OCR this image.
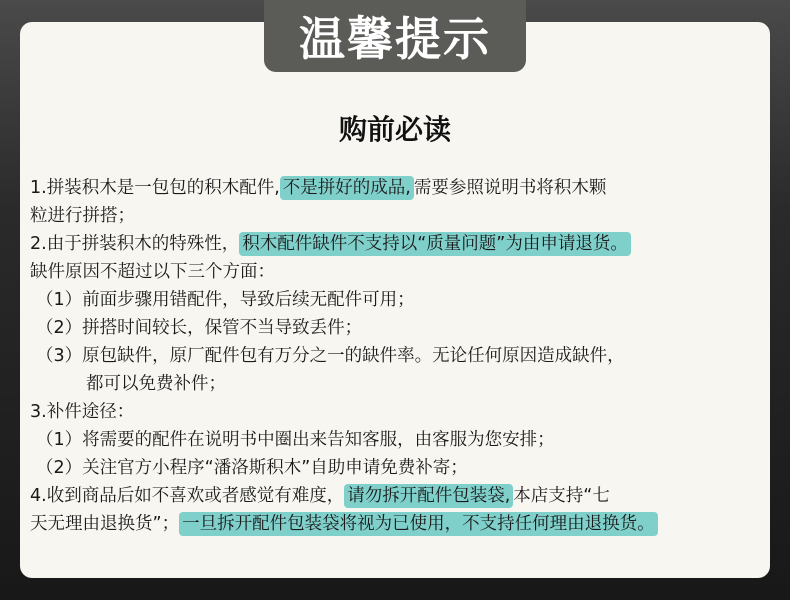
温馨提示
购前必读
1.拼装积木是一包包的积木配件, 不是拼好的成品, 需要参照说明书将积木颗
粒进行拼搭；
2.由于拼装积木的特殊性， 积木配件缺件不支持以“质量问题”为由申请退货。
缺件原因不超过以下三个方面：
（1）前面步骤用错配件，导致后续无配件可用；
（2）拼搭时间较长，保管不当导致丢件；
（3）原包缺件，原厂配件包有万分之一的缺件率。无论任何原因造成缺件，
都可以免费补件；
3.补件途径：
（1）将需要的配件在说明书中圈出来告知客服，由客服为您安排；
（2）关注官方小程序“潘洛斯积木”自助申请免费补寄；
4.收到商品后如不喜欢或者感觉有难度， 请勿拆开配件包装袋, 本店支持“七
天无理由退换货”； 一旦拆开配件包装袋将视为已使用，不支持任何理由退换货。
